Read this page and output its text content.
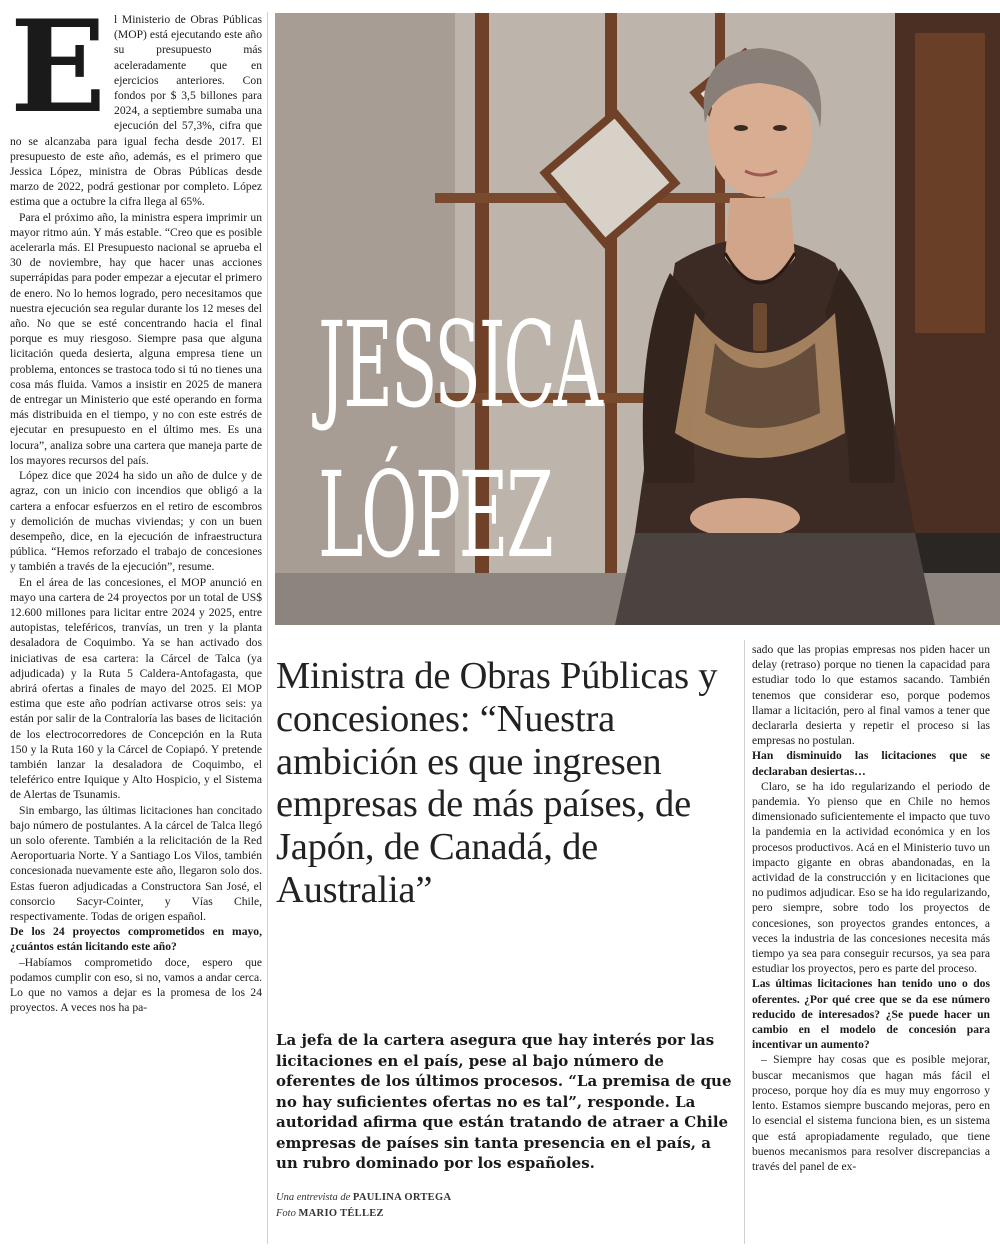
E l Ministerio de Obras Públicas (MOP) está ejecutando este año su presupuesto más aceleradamente que en ejercicios anteriores. Con fondos por $ 3,5 billones para 2024, a septiembre sumaba una ejecución del 57,3%, cifra que no se alcanzaba para igual fecha desde 2017. El presupuesto de este año, además, es el primero que Jessica López, ministra de Obras Públicas desde marzo de 2022, podrá gestionar por completo. López estima que a octubre la cifra llega al 65%.

Para el próximo año, la ministra espera imprimir un mayor ritmo aún. Y más estable. “Creo que es posible acelerarla más. El Presupuesto nacional se aprueba el 30 de noviembre, hay que hacer unas acciones superrápidas para poder empezar a ejecutar el primero de enero. No lo hemos logrado, pero necesitamos que nuestra ejecución sea regular durante los 12 meses del año. No que se esté concentrando hacia el final porque es muy riesgoso. Siempre pasa que alguna licitación queda desierta, alguna empresa tiene un problema, entonces se trastoca todo si tú no tienes una cosa más fluida. Vamos a insistir en 2025 de manera de entregar un Ministerio que esté operando en forma más distribuida en el tiempo, y no con este estrés de ejecutar en presupuesto en el último mes. Es una locura”, analiza sobre una cartera que maneja parte de los mayores recursos del país.

López dice que 2024 ha sido un año de dulce y de agraz, con un inicio con incendios que obligó a la cartera a enfocar esfuerzos en el retiro de escombros y demolición de muchas viviendas; y con un buen desempeño, dice, en la ejecución de infraestructura pública. “Hemos reforzado el trabajo de concesiones y también a través de la ejecución”, resume.

En el área de las concesiones, el MOP anunció en mayo una cartera de 24 proyectos por un total de US$ 12.600 millones para licitar entre 2024 y 2025, entre autopistas, teleféricos, tranvías, un tren y la planta desaladora de Coquimbo. Ya se han activado dos iniciativas de esa cartera: la Cárcel de Talca (ya adjudicada) y la Ruta 5 Caldera-Antofagasta, que abrirá ofertas a finales de mayo del 2025. El MOP estima que este año podrían activarse otros seis: ya están por salir de la Contraloría las bases de licitación de los electrocorredores de Concepción en la Ruta 150 y la Ruta 160 y la Cárcel de Copiapó. Y pretende también lanzar la desaladora de Coquimbo, el teleférico entre Iquique y Alto Hospicio, y el Sistema de Alertas de Tsunamis.

Sin embargo, las últimas licitaciones han concitado bajo número de postulantes. A la cárcel de Talca llegó un solo oferente. También a la relicitación de la Red Aeroportuaria Norte. Y a Santiago Los Vilos, también concesionada nuevamente este año, llegaron solo dos. Estas fueron adjudicadas a Constructora San José, el consorcio Sacyr-Cointer, y Vías Chile, respectivamente. Todas de origen español.

De los 24 proyectos comprometidos en mayo, ¿cuántos están licitando este año?

–Habíamos comprometido doce, espero que podamos cumplir con eso, si no, vamos a andar cerca. Lo que no vamos a dejar es la promesa de los 24 proyectos. A veces nos ha pa-

JESSICA
LÓPEZ
Ministra de Obras Públicas y concesiones: “Nuestra ambición es que ingresen empresas de más países, de Japón, de Canadá, de Australia”

La jefa de la cartera asegura que hay interés por las licitaciones en el país, pese al bajo número de oferentes de los últimos procesos. “La premisa de que no hay suficientes ofertas no es tal”, responde. La autoridad afirma que están tratando de atraer a Chile empresas de países sin tanta presencia en el país, a un rubro dominado por los españoles.

Una entrevista de PAULINA ORTEGA
Foto MARIO TÉLLEZ

sado que las propias empresas nos piden hacer un delay (retraso) porque no tienen la capacidad para estudiar todo lo que estamos sacando. También tenemos que considerar eso, porque podemos llamar a licitación, pero al final vamos a tener que declararla desierta y repetir el proceso si las empresas no postulan.

Han disminuido las licitaciones que se declaraban desiertas…

Claro, se ha ido regularizando el periodo de pandemia. Yo pienso que en Chile no hemos dimensionado suficientemente el impacto que tuvo la pandemia en la actividad económica y en los procesos productivos. Acá en el Ministerio tuvo un impacto gigante en obras abandonadas, en la actividad de la construcción y en licitaciones que no pudimos adjudicar. Eso se ha ido regularizando, pero siempre, sobre todo los proyectos de concesiones, son proyectos grandes entonces, a veces la industria de las concesiones necesita más tiempo ya sea para conseguir recursos, ya sea para estudiar los proyectos, pero es parte del proceso.

Las últimas licitaciones han tenido uno o dos oferentes. ¿Por qué cree que se da ese número reducido de interesados? ¿Se puede hacer un cambio en el modelo de concesión para incentivar un aumento?

– Siempre hay cosas que es posible mejorar, buscar mecanismos que hagan más fácil el proceso, porque hoy día es muy muy engorroso y lento. Estamos siempre buscando mejoras, pero en lo esencial el sistema funciona bien, es un sistema que está apropiadamente regulado, que tiene buenos mecanismos para resolver discrepancias a través del panel de ex-
